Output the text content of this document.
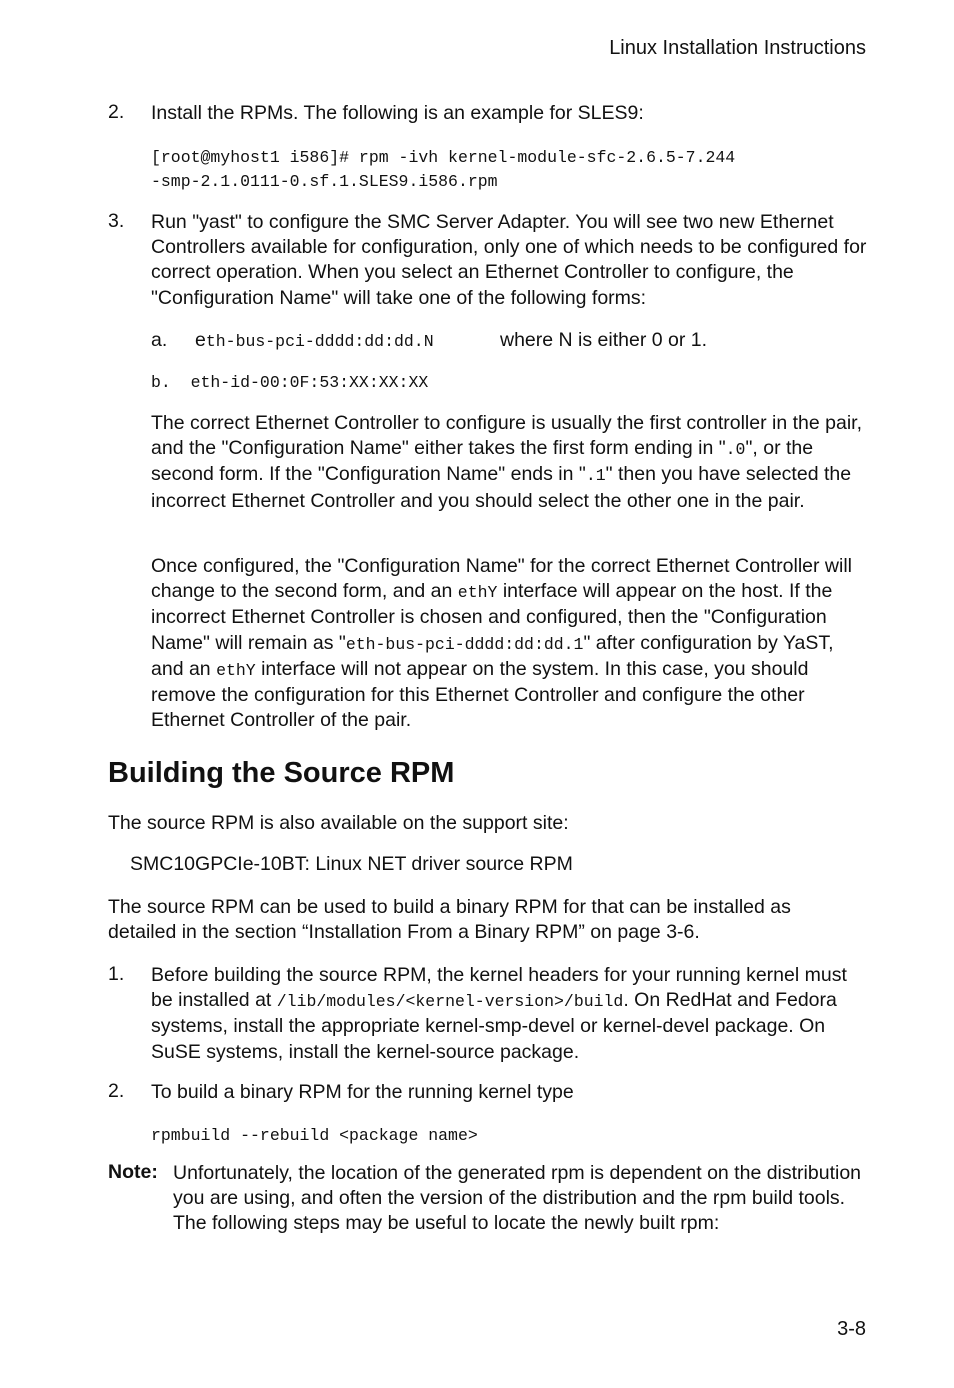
Linux Installation Instructions
2. Install the RPMs. The following is an example for SLES9:
[root@myhost1 i586]# rpm -ivh kernel-module-sfc-2.6.5-7.244
-smp-2.1.0111-0.sf.1.SLES9.i586.rpm
3. Run "yast" to configure the SMC Server Adapter. You will see two new Ethernet Controllers available for configuration, only one of which needs to be configured for correct operation. When you select an Ethernet Controller to configure, the "Configuration Name" will take one of the following forms:
a. eth-bus-pci-dddd:dd:dd.N	where N is either 0 or 1.
b.  eth-id-00:0F:53:XX:XX:XX
The correct Ethernet Controller to configure is usually the first controller in the pair, and the "Configuration Name" either takes the first form ending in ".0", or the second form. If the "Configuration Name" ends in ".1" then you have selected the incorrect Ethernet Controller and you should select the other one in the pair.
Once configured, the "Configuration Name" for the correct Ethernet Controller will change to the second form, and an ethY interface will appear on the host. If the incorrect Ethernet Controller is chosen and configured, then the "Configuration Name" will remain as "eth-bus-pci-dddd:dd:dd.1" after configuration by YaST, and an ethY interface will not appear on the system. In this case, you should remove the configuration for this Ethernet Controller and configure the other Ethernet Controller of the pair.
Building the Source RPM
The source RPM is also available on the support site:
SMC10GPCIe-10BT: Linux NET driver source RPM
The source RPM can be used to build a binary RPM for that can be installed as detailed in the section “Installation From a Binary RPM” on page 3-6.
1. Before building the source RPM, the kernel headers for your running kernel must be installed at /lib/modules/<kernel-version>/build. On RedHat and Fedora systems, install the appropriate kernel-smp-devel or kernel-devel package. On SuSE systems, install the kernel-source package.
2. To build a binary RPM for the running kernel type
rpmbuild --rebuild <package name>
Note: Unfortunately, the location of the generated rpm is dependent on the distribution you are using, and often the version of the distribution and the rpm build tools. The following steps may be useful to locate the newly built rpm:
3-8
